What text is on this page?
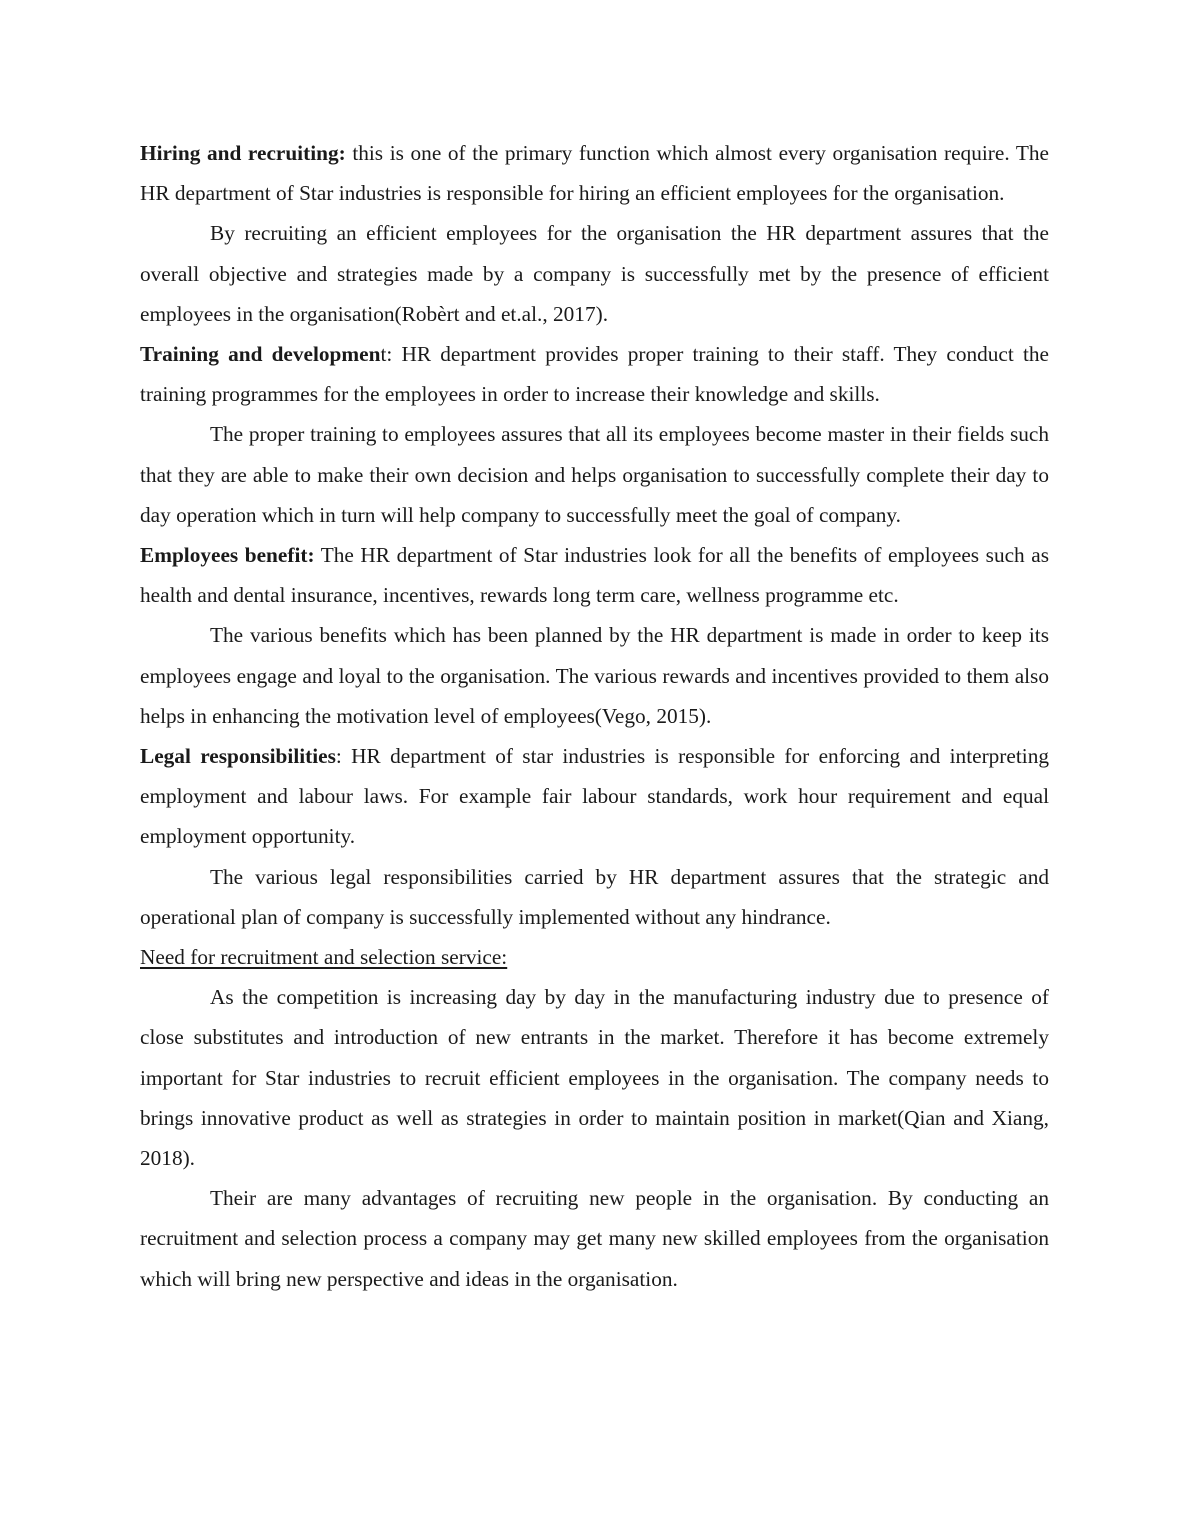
Hiring and recruiting: this is one of the primary function which almost every organisation require. The HR department of Star industries is responsible for hiring an efficient employees for the organisation.

By recruiting an efficient employees for the organisation the HR department assures that the overall objective and strategies made by a company is successfully met by the presence of efficient employees in the organisation(Robèrt and et.al., 2017).

Training and development: HR department provides proper training to their staff. They conduct the training programmes for the employees in order to increase their knowledge and skills.

The proper training to employees assures that all its employees become master in their fields such that they are able to make their own decision and helps organisation to successfully complete their day to day operation which in turn will help company to successfully meet the goal of company.

Employees benefit: The HR department of Star industries look for all the benefits of employees such as health and dental insurance, incentives, rewards long term care, wellness programme etc.

The various benefits which has been planned by the HR department is made in order to keep its employees engage and loyal to the organisation. The various rewards and incentives provided to them also helps in enhancing the motivation level of employees(Vego, 2015).

Legal responsibilities: HR department of star industries is responsible for enforcing and interpreting employment and labour laws. For example fair labour standards, work hour requirement and equal employment opportunity.

The various legal responsibilities carried by HR department assures that the strategic and operational plan of company is successfully implemented without any hindrance.

Need for recruitment and selection service:

As the competition is increasing day by day in the manufacturing industry due to presence of close substitutes and introduction of new entrants in the market. Therefore it has become extremely important for Star industries to recruit efficient employees in the organisation. The company needs to brings innovative product as well as strategies in order to maintain position in market(Qian and Xiang, 2018).

Their are many advantages of recruiting new people in the organisation. By conducting an recruitment and selection process a company may get many new skilled employees from the organisation which will bring new perspective and ideas in the organisation.
